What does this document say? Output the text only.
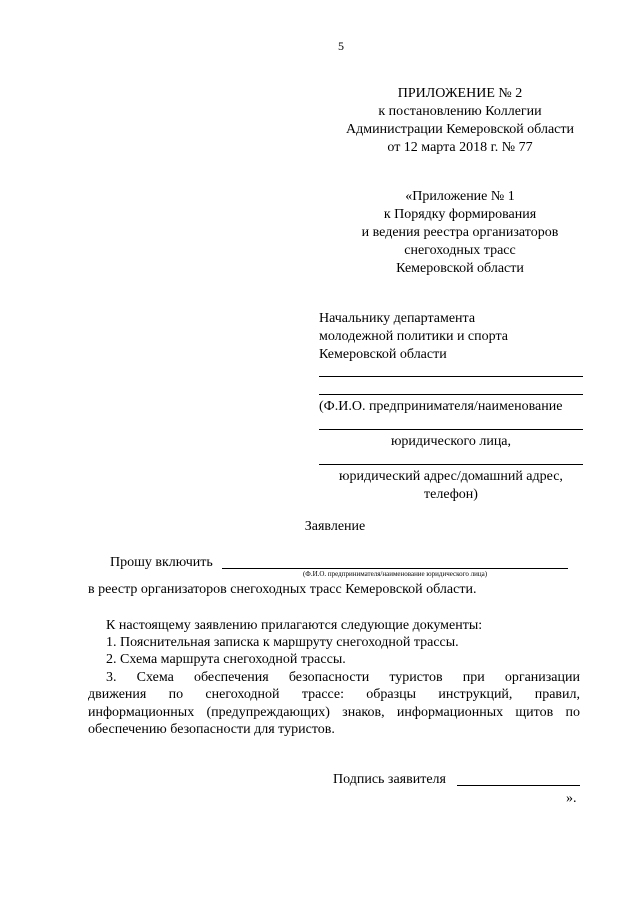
5
ПРИЛОЖЕНИЕ № 2
к постановлению Коллегии
Администрации Кемеровской области
от 12 марта 2018 г. № 77
«Приложение № 1
к Порядку формирования
и ведения реестра организаторов
снегоходных трасс
Кемеровской области
Начальнику департамента
молодежной политики и спорта
Кемеровской области
(Ф.И.О. предпринимателя/наименование
юридического лица,
юридический адрес/домашний адрес,
телефон)
Заявление
Прошу включить
(Ф.И.О. предпринимателя/наименование юридического лица)
в реестр организаторов снегоходных трасс Кемеровской области.
К настоящему заявлению прилагаются следующие документы:
1. Пояснительная записка к маршруту снегоходной трассы.
2. Схема маршрута снегоходной трассы.
3. Схема обеспечения безопасности туристов при организации
движения по снегоходной трассе: образцы инструкций, правил,
информационных (предупреждающих) знаков, информационных щитов по
обеспечению безопасности для туристов.
Подпись заявителя
».
